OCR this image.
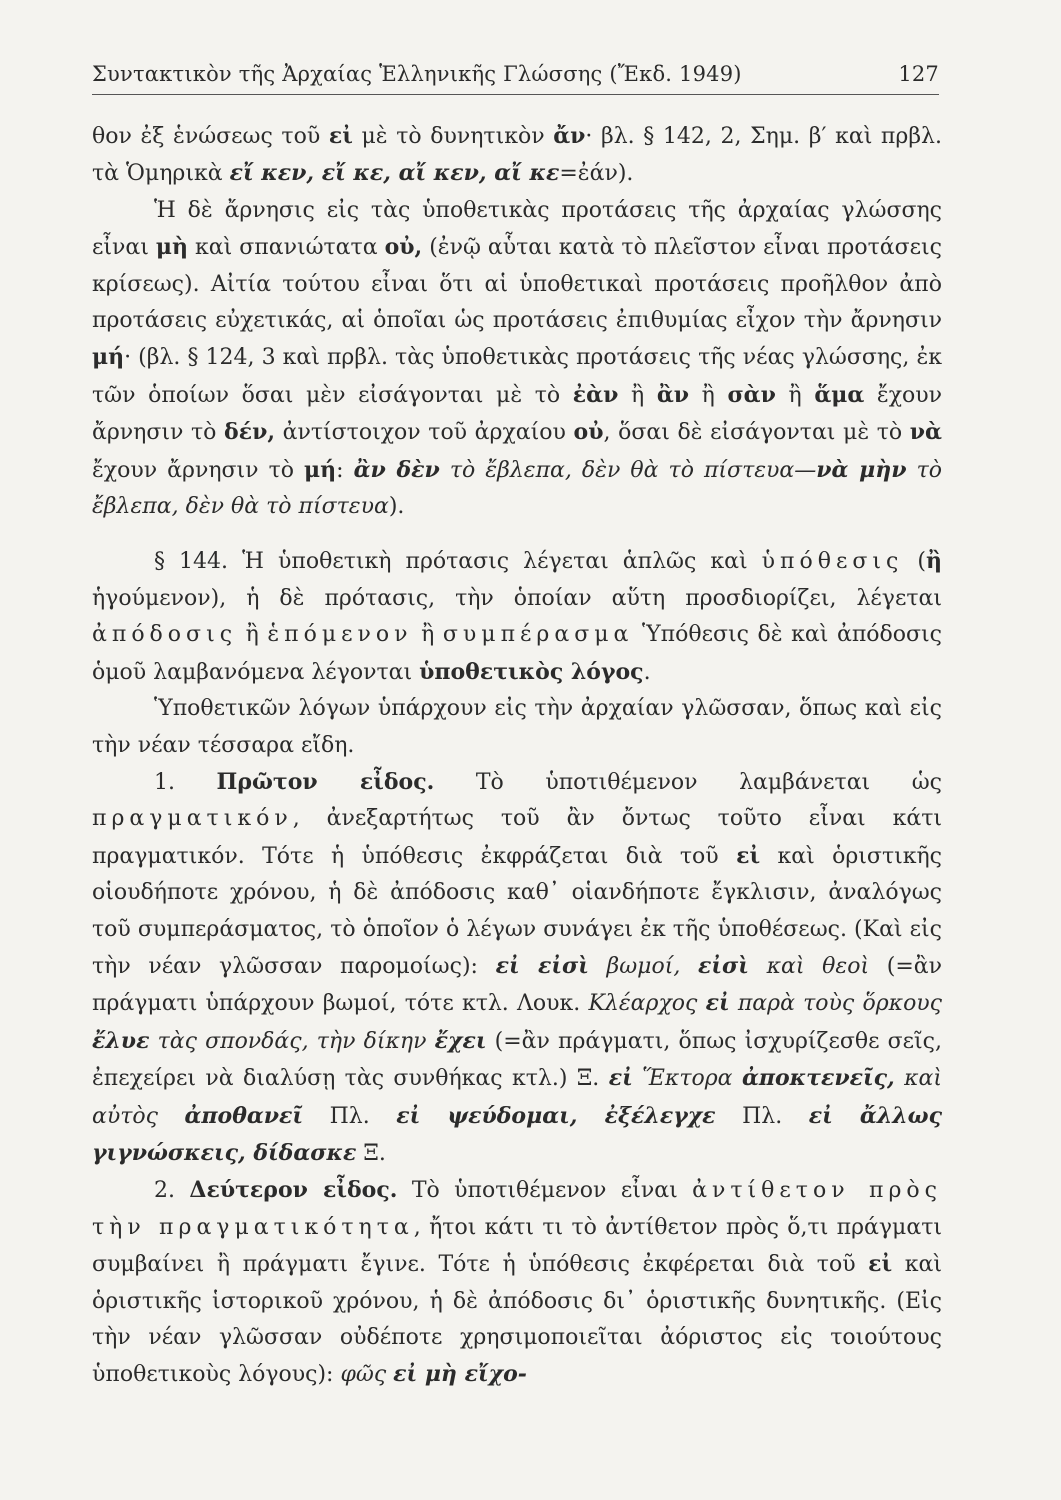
Συντακτικὸν τῆς Ἀρχαίας Ἑλληνικῆς Γλώσσης (Ἔκδ. 1949)	127

θον ἐξ ἑνώσεως τοῦ εἰ μὲ τὸ δυνητικὸν ἄν· βλ. § 142, 2, Σημ. β′ καὶ πρβλ. τὰ Ὁμηρικὰ εἴ κεν, εἴ κε, αἴ κεν, αἴ κε=ἐάν).

Ἡ δὲ ἄρνησις εἰς τὰς ὑποθετικὰς προτάσεις τῆς ἀρχαίας γλώσσης εἶναι μὴ καὶ σπανιώτατα οὐ, (ἐνῷ αὗται κατὰ τὸ πλεῖστον εἶναι προτάσεις κρίσεως). Αἰτία τούτου εἶναι ὅτι αἱ ὑποθετικαὶ προτάσεις προῆλθον ἀπὸ προτάσεις εὐχετικάς, αἱ ὁποῖαι ὡς προτάσεις ἐπιθυμίας εἶχον τὴν ἄρνησιν μή· (βλ. § 124, 3 καὶ πρβλ. τὰς ὑποθετικὰς προτάσεις τῆς νέας γλώσσης, ἐκ τῶν ὁποίων ὅσαι μὲν εἰσάγονται μὲ τὸ ἐὰν ἢ ἂν ἢ σὰν ἢ ἅμα ἔχουν ἄρνησιν τὸ δέν, ἀντίστοιχον τοῦ ἀρχαίου οὐ, ὅσαι δὲ εἰσάγονται μὲ τὸ νὰ ἔχουν ἄρνησιν τὸ μή: ἂν δὲν τὸ ἔβλεπα, δὲν θὰ τὸ πίστευα—νὰ μὴν τὸ ἔβλεπα, δὲν θὰ τὸ πίστευα).

§ 144. Ἡ ὑποθετικὴ πρότασις λέγεται ἁπλῶς καὶ ὑπόθεσις (ἢ ἡγούμενον), ἡ δὲ πρότασις, τὴν ὁποίαν αὕτη προσδιορίζει, λέγεται ἀπόδοσις ἢ ἑπόμενον ἢ συμπέρασμα Ὑπόθεσις δὲ καὶ ἀπόδοσις ὁμοῦ λαμβανόμενα λέγονται ὑποθετικὸς λόγος.

Ὑποθετικῶν λόγων ὑπάρχουν εἰς τὴν ἀρχαίαν γλῶσσαν, ὅπως καὶ εἰς τὴν νέαν τέσσαρα εἴδη.

1. Πρῶτον εἶδος. Τὸ ὑποτιθέμενον λαμβάνεται ὡς πραγματικόν, ἀνεξαρτήτως τοῦ ἂν ὄντως τοῦτο εἶναι κάτι πραγματικόν. Τότε ἡ ὑπόθεσις ἐκφράζεται διὰ τοῦ εἰ καὶ ὁριστικῆς οἱουδήποτε χρόνου, ἡ δὲ ἀπόδοσις καθ᾽ οἱανδήποτε ἔγκλισιν, ἀναλόγως τοῦ συμπεράσματος, τὸ ὁποῖον ὁ λέγων συνάγει ἐκ τῆς ὑποθέσεως. (Καὶ εἰς τὴν νέαν γλῶσσαν παρομοίως): εἰ εἰσὶ βωμοί, εἰσὶ καὶ θεοὶ (=ἂν πράγματι ὑπάρχουν βωμοί, τότε κτλ. Λουκ. Κλέαρχος εἰ παρὰ τοὺς ὅρκους ἔλυε τὰς σπονδάς, τὴν δίκην ἔχει (=ἂν πράγματι, ὅπως ἰσχυρίζεσθε σεῖς, ἐπεχείρει νὰ διαλύσῃ τὰς συνθήκας κτλ.) Ξ. εἰ Ἕκτορα ἀποκτενεῖς, καὶ αὐτὸς ἀποθανεῖ Πλ. εἰ ψεύδομαι, ἐξέλεγχε Πλ. εἰ ἄλλως γιγνώσκεις, δίδασκε Ξ.

2. Δεύτερον εἶδος. Τὸ ὑποτιθέμενον εἶναι ἀντίθετον πρὸς τὴν πραγματικότητα, ἤτοι κάτι τι τὸ ἀντίθετον πρὸς ὅ,τι πράγματι συμβαίνει ἢ πράγματι ἔγινε. Τότε ἡ ὑπόθεσις ἐκφέρεται διὰ τοῦ εἰ καὶ ὁριστικῆς ἱστορικοῦ χρόνου, ἡ δὲ ἀπόδοσις δι᾽ ὁριστικῆς δυνητικῆς. (Εἰς τὴν νέαν γλῶσσαν οὐδέποτε χρησιμοποιεῖται ἀόριστος εἰς τοιούτους ὑποθετικοὺς λόγους): φῶς εἰ μὴ εἴχο-
